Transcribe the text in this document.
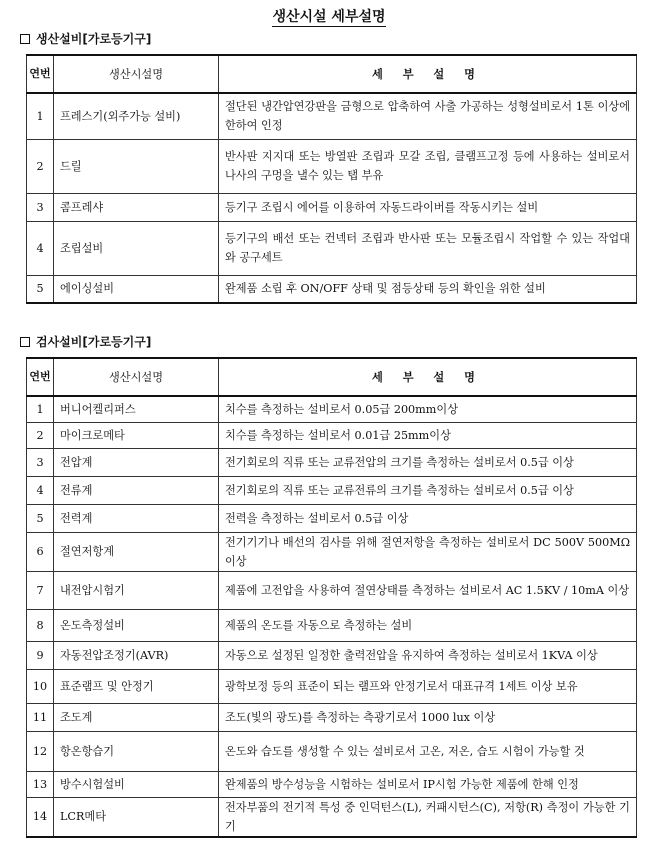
생산시설 세부설명
생산설비[가로등기구]
연번	생산시설명	세 부 설 명
1	프레스기(외주가능 설비)	절단된 냉간압연강판을 금형으로 압축하여 사출 가공하는 성형설비로서 1톤 이상에 한하여 인정
2	드릴	반사판 지지대 또는 방열판 조립과 모갈 조립, 클램프고정 등에 사용하는 설비로서 나사의 구멍을 낼수 있는 탭 부유
3	콤프레샤	등기구 조립시 에어를 이용하여 자동드라이버를 작동시키는 설비
4	조립설비	등기구의 배선 또는 컨넥터 조립과 반사판 또는 모듈조립시 작업할 수 있는 작업대와 공구세트
5	에이싱설비	완제품 소립 후 ON/OFF 상태 및 점등상태 등의 확인을 위한 설비
검사설비[가로등기구]
연번	생산시설명	세 부 설 명
1	버니어켈리퍼스	치수를 측정하는 설비로서 0.05급 200mm이상
2	마이크로메타	치수를 측정하는 설비로서 0.01급 25mm이상
3	전압계	전기회로의 직류 또는 교류전압의 크기를 측정하는 설비로서 0.5급 이상
4	전류계	전기회로의 직류 또는 교류전류의 크기를 측정하는 설비로서 0.5급 이상
5	전력계	전력을 측정하는 설비로서 0.5급 이상
6	절연저항계	전기기기나 배선의 검사를 위해 절연저항을 측정하는 설비로서 DC 500V 500MΩ 이상
7	내전압시험기	제품에 고전압을 사용하여 절연상태를 측정하는 설비로서 AC 1.5KV / 10mA 이상
8	온도측정설비	제품의 온도를 자동으로 측정하는 설비
9	자동전압조정기(AVR)	자동으로 설정된 일정한 출력전압을 유지하여 측정하는 설비로서 1KVA 이상
10	표준램프 및 안정기	광학보정 등의 표준이 되는 램프와 안정기로서 대표규격 1세트 이상 보유
11	조도계	조도(빛의 광도)를 측정하는 측광기로서 1000 lux 이상
12	항온항습기	온도와 습도를 생성할 수 있는 설비로서 고온, 저온, 습도 시험이 가능할 것
13	방수시험설비	완제품의 방수성능을 시험하는 설비로서 IP시험 가능한 제품에 한해 인정
14	LCR메타	전자부품의 전기적 특성 중 인덕턴스(L), 커패시턴스(C), 저항(R) 측정이 가능한 기기
